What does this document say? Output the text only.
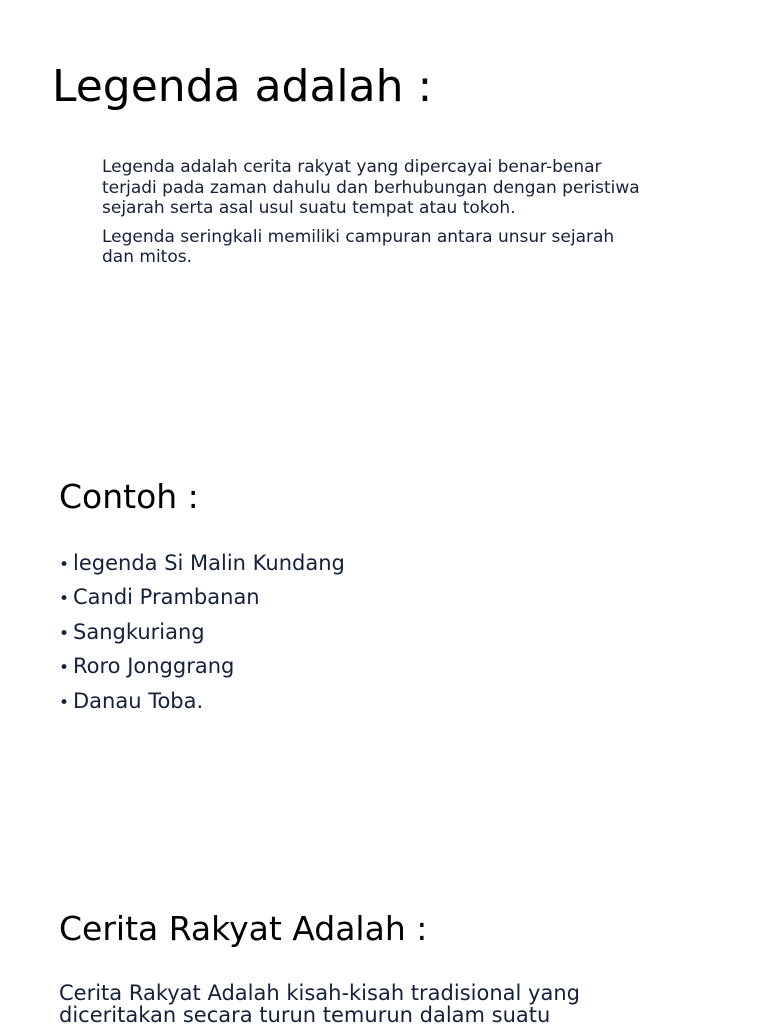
Legenda adalah :

Legenda adalah cerita rakyat yang dipercayai benar-benar terjadi pada zaman dahulu dan berhubungan dengan peristiwa sejarah serta asal usul suatu tempat atau tokoh.

Legenda seringkali memiliki campuran antara unsur sejarah dan mitos.

Contoh :
• legenda Si Malin Kundang
• Candi Prambanan
• Sangkuriang
• Roro Jonggrang
• Danau Toba.
Cerita Rakyat Adalah :

Cerita Rakyat Adalah kisah-kisah tradisional yang diceritakan secara turun temurun dalam suatu
